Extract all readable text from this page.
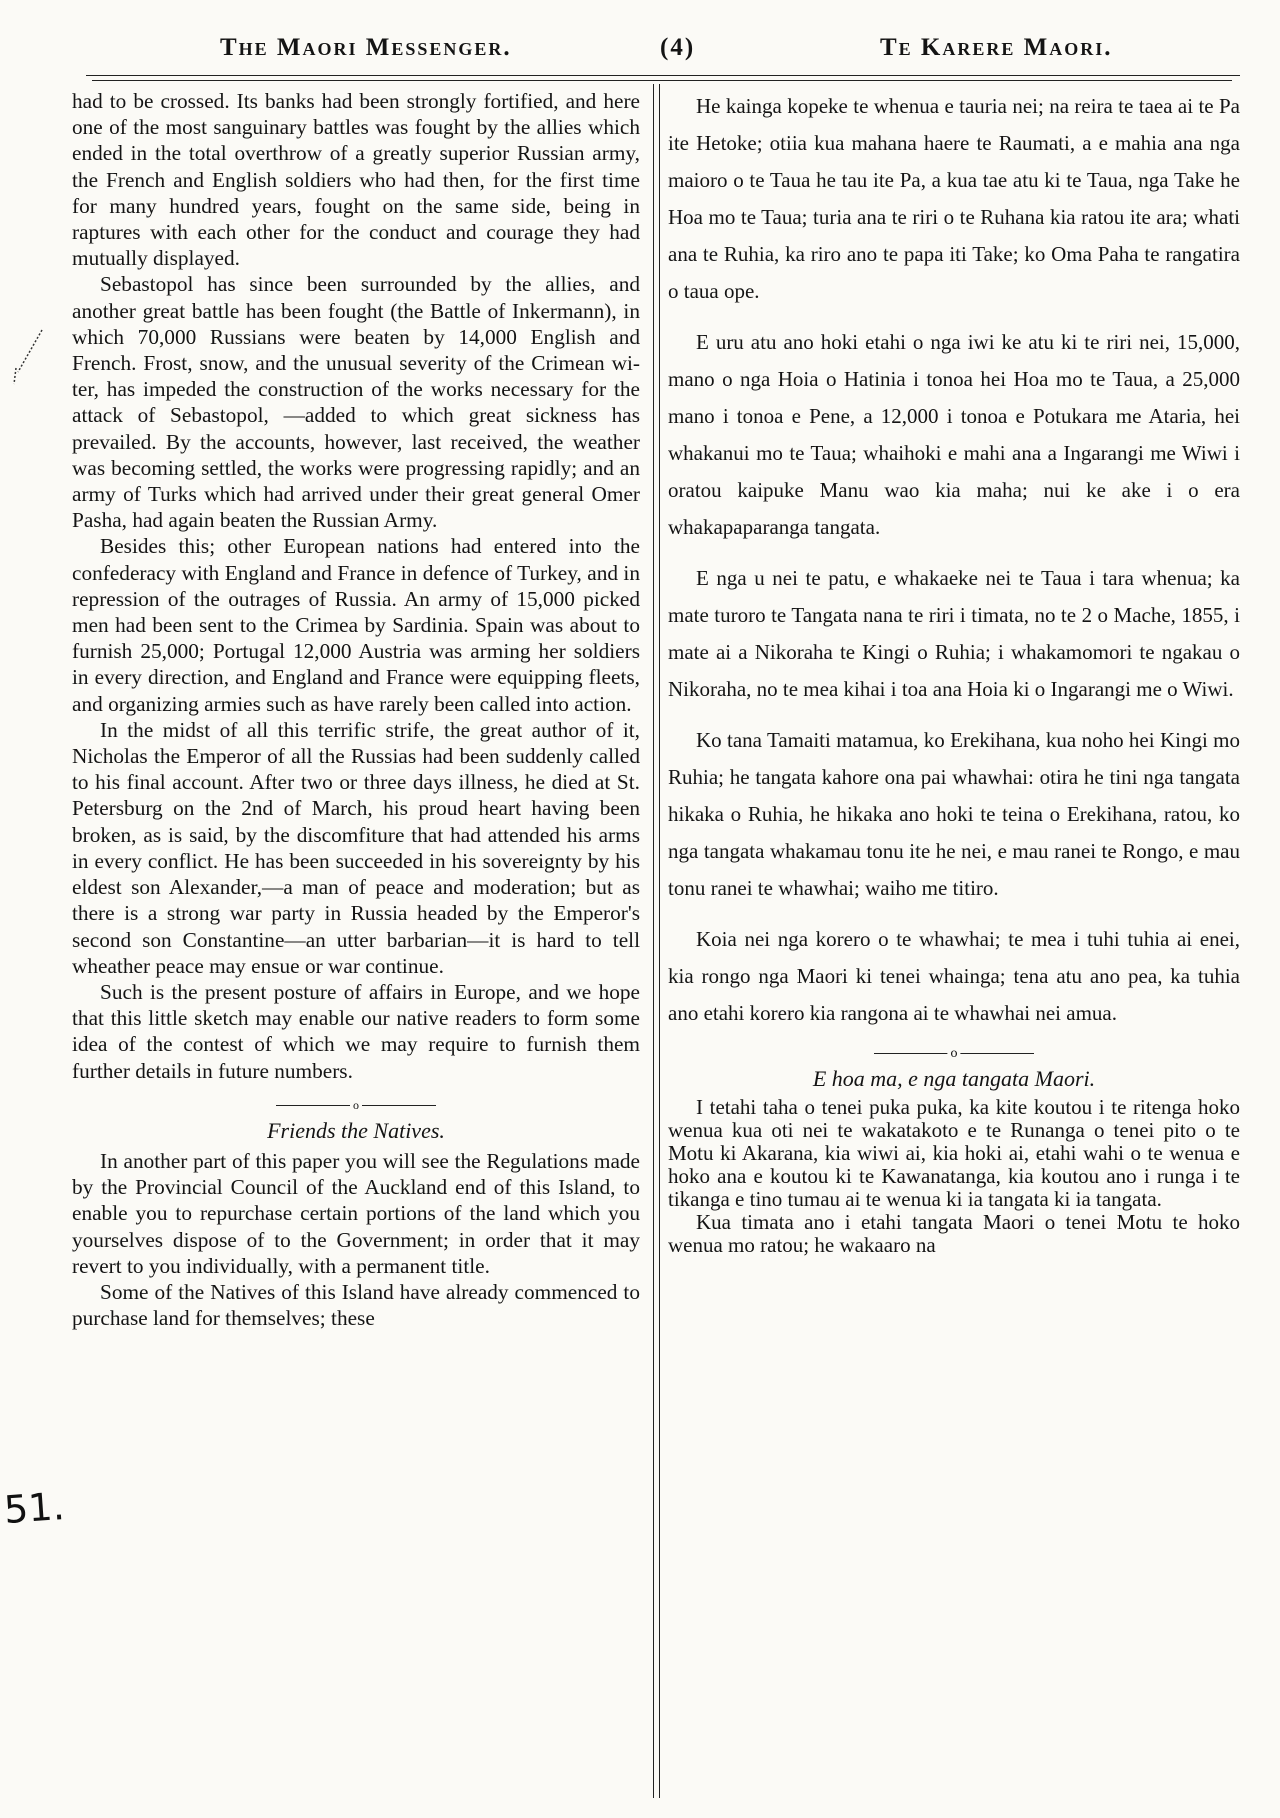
The Maori Messenger.	(4)	Te Karere Maori.
51.

had to be crossed. Its banks had been strongly fortified, and here one of the most sanguinary battles was fought by the allies which ended in the total overthrow of a greatly superior Russian army, the French and English soldiers who had then, for the first time for many hundred years, fought on the same side, being in raptures with each other for the conduct and courage they had mutually displayed.

Sebastopol has since been surrounded by the allies, and another great battle has been fought (the Battle of Inkermann), in which 70,000 Russians were beaten by 14,000 English and French. Frost, snow, and the unusual severity of the Crimean witer, has impeded the construction of the works necessary for the attack of Sebastopol, —added to which great sickness has prevailed. By the accounts, however, last received, the weather was becoming settled, the works were progressing rapidly; and an army of Turks which had arrived under their great general Omer Pasha, had again beaten the Russian Army.

Besides this; other European nations had entered into the confederacy with England and France in defence of Turkey, and in repression of the outrages of Russia. An army of 15,000 picked men had been sent to the Crimea by Sardinia. Spain was about to furnish 25,000; Portugal 12,000 Austria was arming her soldiers in every direction, and England and France were equipping fleets, and organizing armies such as have rarely been called into action.

In the midst of all this terrific strife, the great author of it, Nicholas the Emperor of all the Russias had been suddenly called to his final account. After two or three days illness, he died at St. Petersburg on the 2nd of March, his proud heart having been broken, as is said, by the discomfiture that had attended his arms in every conflict. He has been succeeded in his sovereignty by his eldest son Alexander,—a man of peace and moderation; but as there is a strong war party in Russia headed by the Emperor's second son Constantine—an utter barbarian—it is hard to tell wheather peace may ensue or war continue.

Such is the present posture of affairs in Europe, and we hope that this little sketch may enable our native readers to form some idea of the contest of which we may require to furnish them further details in future numbers.

o
Friends the Natives.

In another part of this paper you will see the Regulations made by the Provincial Council of the Auckland end of this Island, to enable you to repurchase certain portions of the land which you yourselves dispose of to the Government; in order that it may revert to you individually, with a permanent title.

Some of the Natives of this Island have already commenced to purchase land for themselves; these

He kainga kopeke te whenua e tauria nei; na reira te taea ai te Pa ite Hetoke; otiia kua mahana haere te Raumati, a e mahia ana nga maioro o te Taua he tau ite Pa, a kua tae atu ki te Taua, nga Take he Hoa mo te Taua; turia ana te riri o te Ruhana kia ratou ite ara; whati ana te Ruhia, ka riro ano te papa iti Take; ko Oma Paha te rangatira o taua ope.

E uru atu ano hoki etahi o nga iwi ke atu ki te riri nei, 15,000, mano o nga Hoia o Hatinia i tonoa hei Hoa mo te Taua, a 25,000 mano i tonoa e Pene, a 12,000 i tonoa e Potukara me Ataria, hei whakanui mo te Taua; whaihoki e mahi ana a Ingarangi me Wiwi i oratou kaipuke Manu wao kia maha; nui ke ake i o era whakapaparanga tangata.

E nga u nei te patu, e whakaeke nei te Taua i tara whenua; ka mate turoro te Tangata nana te riri i timata, no te 2 o Mache, 1855, i mate ai a Nikoraha te Kingi o Ruhia; i whakamomori te ngakau o Nikoraha, no te mea kihai i toa ana Hoia ki o Ingarangi me o Wiwi.

Ko tana Tamaiti matamua, ko Erekihana, kua noho hei Kingi mo Ruhia; he tangata kahore ona pai whawhai: otira he tini nga tangata hikaka o Ruhia, he hikaka ano hoki te teina o Erekihana, ratou, ko nga tangata whakamau tonu ite he nei, e mau ranei te Rongo, e mau tonu ranei te whawhai; waiho me titiro.

Koia nei nga korero o te whawhai; te mea i tuhi tuhia ai enei, kia rongo nga Maori ki tenei whainga; tena atu ano pea, ka tuhia ano etahi korero kia rangona ai te whawhai nei amua.

o
E hoa ma, e nga tangata Maori.

I tetahi taha o tenei puka puka, ka kite koutou i te ritenga hoko wenua kua oti nei te wakatakoto e te Runanga o tenei pito o te Motu ki Akarana, kia wiwi ai, kia hoki ai, etahi wahi o te wenua e hoko ana e koutou ki te Kawanatanga, kia koutou ano i runga i te tikanga e tino tumau ai te wenua ki ia tangata ki ia tangata.

Kua timata ano i etahi tangata Maori o tenei Motu te hoko wenua mo ratou; he wakaaro na
